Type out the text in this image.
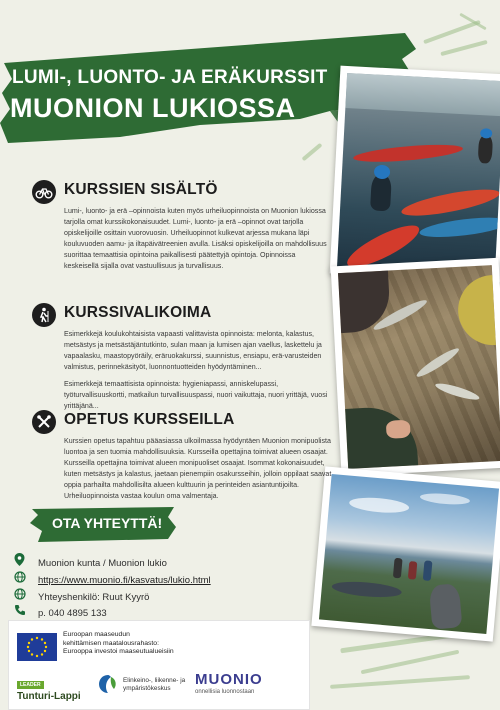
LUMI-, LUONTO- JA ERÄKURSSIT
MUONION LUKIOSSA
KURSSIEN SISÄLTÖ
Lumi-, luonto- ja erä –opinnoista kuten myös urheiluopinnoista on Muonion lukiossa tarjolla omat kurssikokonaisuudet. Lumi-, luonto- ja erä –opinnot ovat tarjolla opiskelijoille osittain vuorovuosin. Urheiluopinnot kulkevat arjessa mukana läpi kouluvuoden aamu- ja iltapäivätreenien avulla. Lisäksi opiskelijoilla on mahdollisuus suorittaa temaattisia opintoina paikallisesti päätettyjä opintoja. Opinnoissa keskeisellä sijalla ovat vastuullisuus ja turvallisuus.
KURSSIVALIKOIMA
Esimerkkejä koulukohtaisista vapaasti valittavista opinnoista: melonta, kalastus, metsästys ja metsästäjäntutkinto, sulan maan ja lumisen ajan vaellus, laskettelu ja vapaalasku, maastopyöräily, eräruokakurssi, suunnistus, ensiapu, erä-varusteiden valmistus, perinnekäsityöt, luonnontuotteiden hyödyntäminen...
Esimerkkejä temaattisista opinnoista: hygieniapassi, anniskelupassi, työturvallisuuskortti, matkailun turvallisuuspassi, nuori vaikuttaja, nuori yrittäjä, vuosi yrittäjänä...
OPETUS KURSSEILLA
Kurssien opetus tapahtuu pääasiassa ulkoilmassa hyödyntäen Muonion monipuolista luontoa ja sen tuomia mahdollisuuksia. Kursseilla opettajina toimivat alueen osaajat. Kursseilla opettajina toimivat alueen monipuoliset osaajat. Isommat kokonaisuudet, kuten metsästys ja kalastus, jaetaan pienempiin osakursseihin, jolloin oppilaat saavat oppia parhailta mahdollisilta alueen kulttuurin ja perinteiden asiantuntijoilta. Urheiluopinnoista vastaa koulun oma valmentaja.
OTA YHTEYTTÄ!
Muonion kunta / Muonion lukio
https://www.muonio.fi/kasvatus/lukio.html
Yhteyshenkilö: Ruut Kyyrö
p. 040 4895 133
Euroopan maaseudun
kehittämisen maatalousrahasto:
Eurooppa investoi maaseutualueisiin
LEADER
Tunturi-Lappi
Elinkeino-, liikenne- ja
ympäristökeskus
MUONIO
onnellisia luonnostaan
